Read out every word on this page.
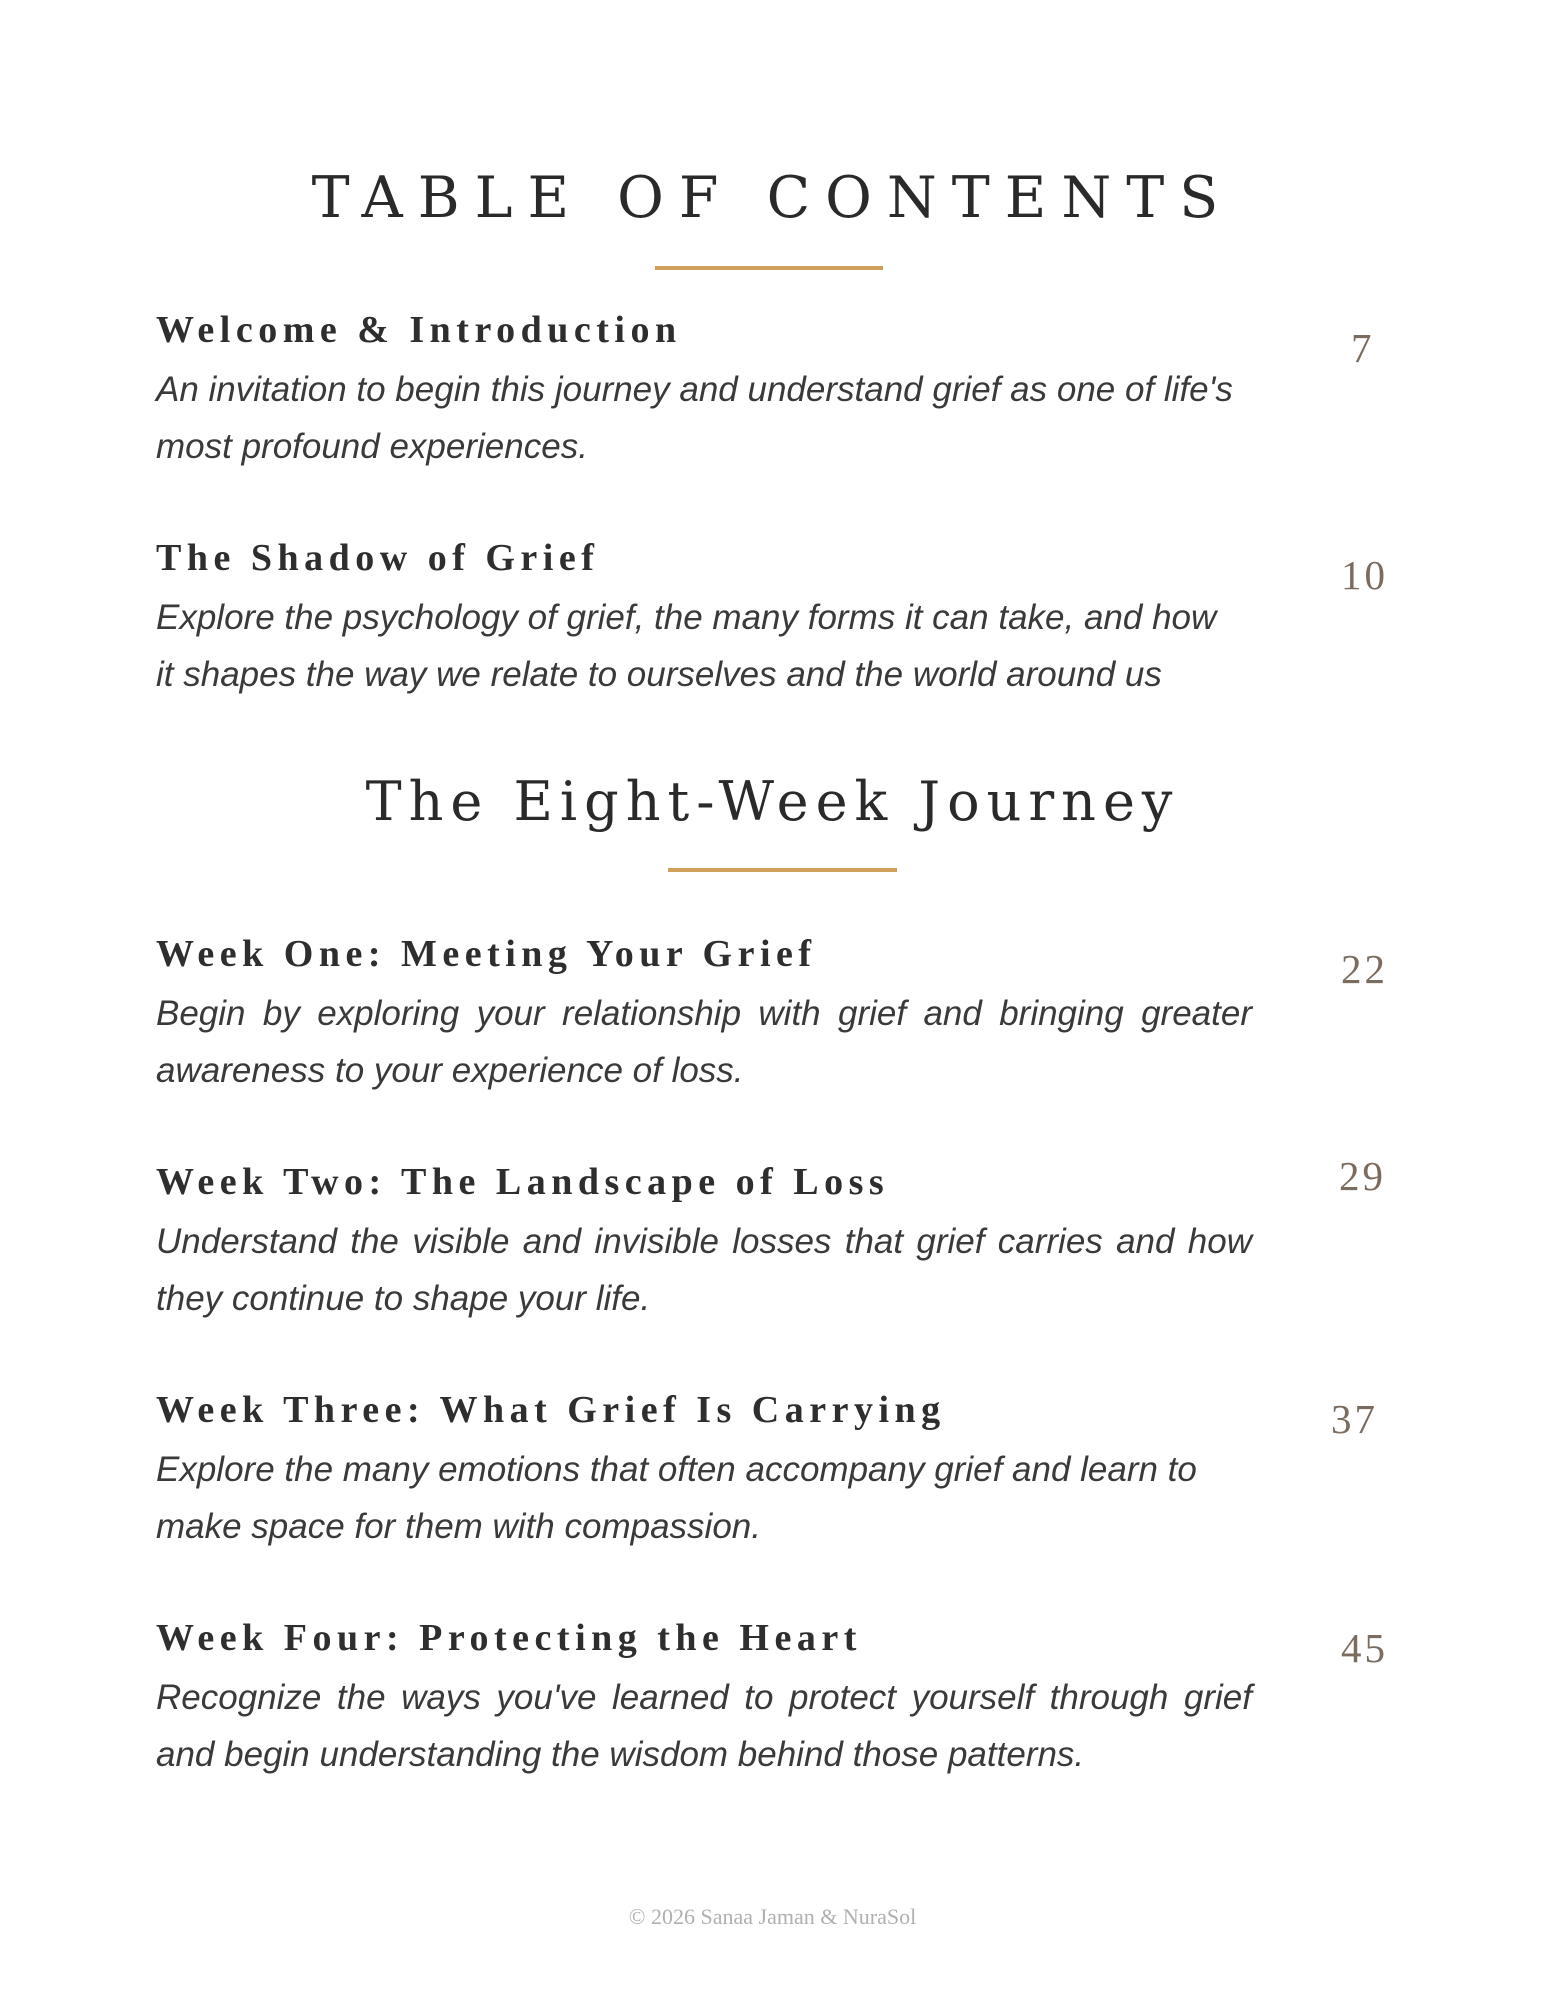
TABLE OF CONTENTS

Welcome & Introduction

An invitation to begin this journey and understand grief as one of life's most profound experiences.

7

The Shadow of Grief

Explore the psychology of grief, the many forms it can take, and how it shapes the way we relate to ourselves and the world around us

10
The Eight-Week Journey

Week One: Meeting Your Grief

Begin by exploring your relationship with grief and bringing greater awareness to your experience of loss.

22

Week Two: The Landscape of Loss

Understand the visible and invisible losses that grief carries and how they continue to shape your life.

29

Week Three: What Grief Is Carrying

Explore the many emotions that often accompany grief and learn to make space for them with compassion.

37

Week Four: Protecting the Heart

Recognize the ways you've learned to protect yourself through grief and begin understanding the wisdom behind those patterns.

45
© 2026 Sanaa Jaman & NuraSol
